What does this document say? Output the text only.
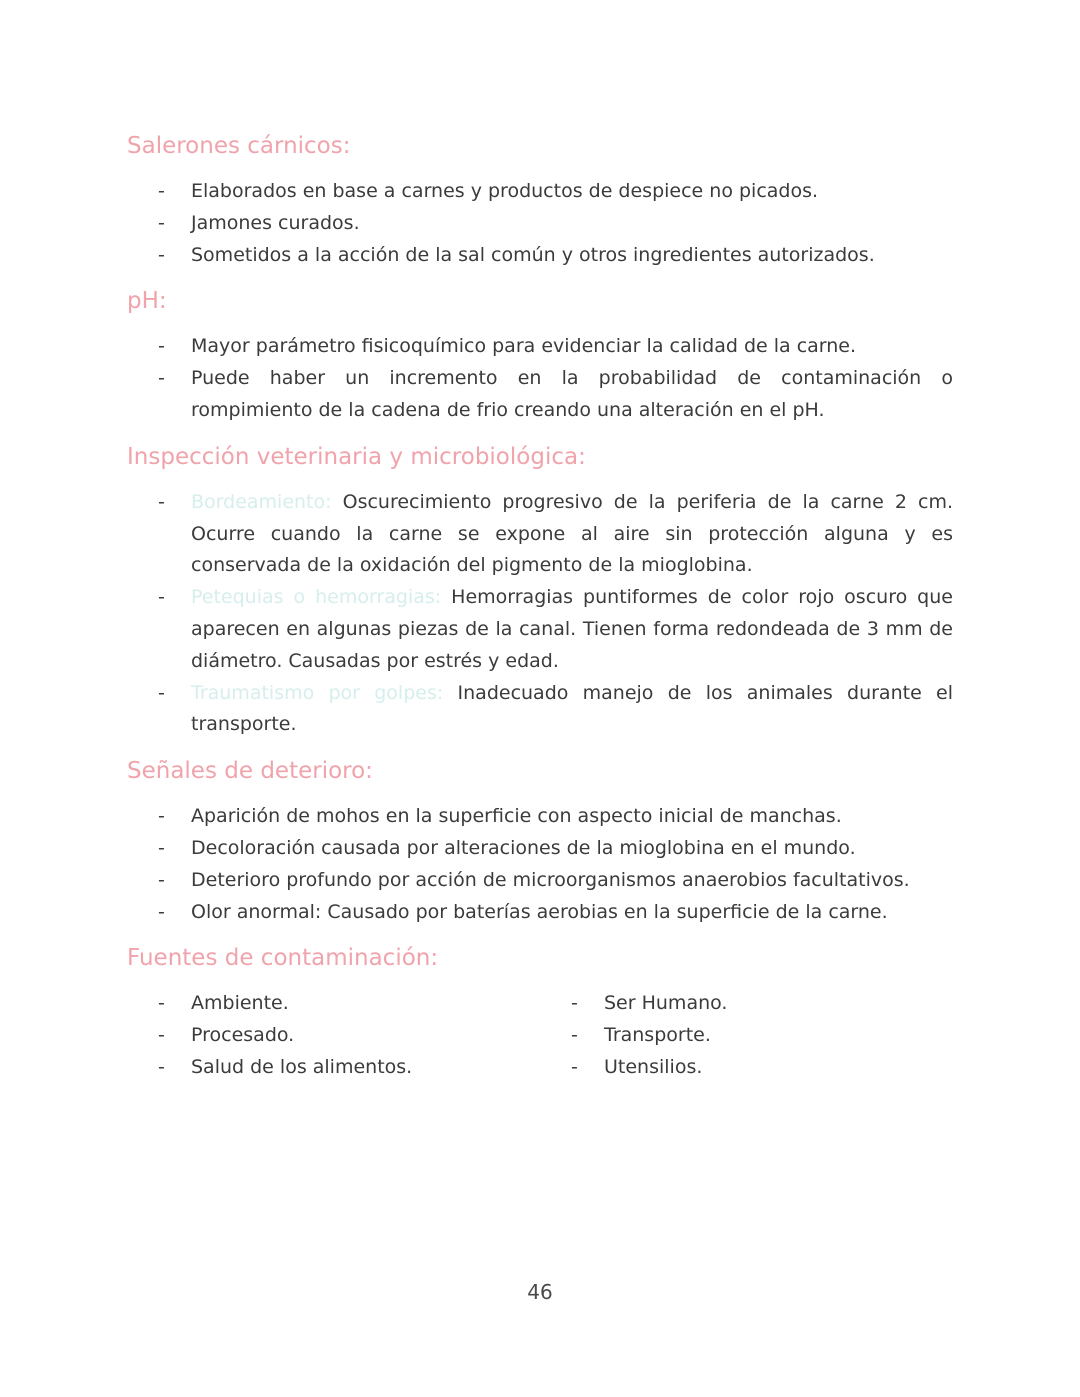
Salerones cárnicos:
- Elaborados en base a carnes y productos de despiece no picados.
- Jamones curados.
- Sometidos a la acción de la sal común y otros ingredientes autorizados.
pH:
- Mayor parámetro fisicoquímico para evidenciar la calidad de la carne.
- Puede haber un incremento en la probabilidad de contaminación o rompimiento de la cadena de frio creando una alteración en el pH.
Inspección veterinaria y microbiológica:
- Bordeamiento: Oscurecimiento progresivo de la periferia de la carne 2 cm. Ocurre cuando la carne se expone al aire sin protección alguna y es conservada de la oxidación del pigmento de la mioglobina.
- Petequias o hemorragias: Hemorragias puntiformes de color rojo oscuro que aparecen en algunas piezas de la canal. Tienen forma redondeada de 3 mm de diámetro. Causadas por estrés y edad.
- Traumatismo por golpes: Inadecuado manejo de los animales durante el transporte.
Señales de deterioro:
- Aparición de mohos en la superficie con aspecto inicial de manchas.
- Decoloración causada por alteraciones de la mioglobina en el mundo.
- Deterioro profundo por acción de microorganismos anaerobios facultativos.
- Olor anormal: Causado por baterías aerobias en la superficie de la carne.
Fuentes de contaminación:
- Ambiente.
- Procesado.
- Salud de los alimentos.
- Ser Humano.
- Transporte.
- Utensilios.
46
